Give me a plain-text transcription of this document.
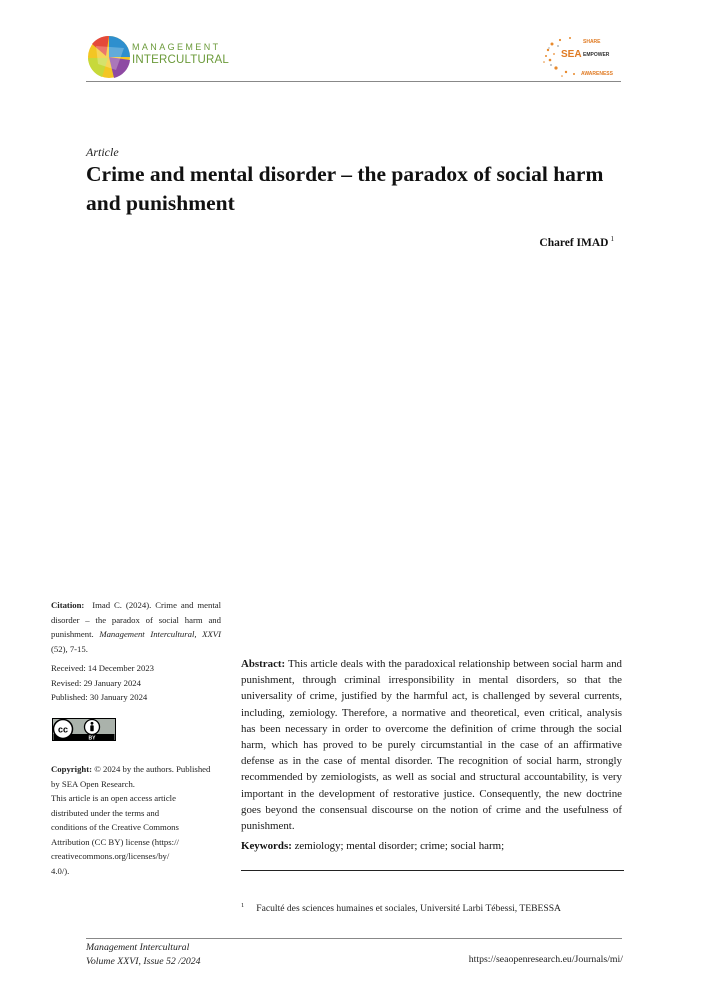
MANAGEMENT
INTERCULTURAL	SEA
SHARE
EMPOWER
AWARENESS
Article
Crime and mental disorder – the paradox of social harm and punishment
Charef IMAD $^1$
Citation: Imad C. (2024). Crime and mental disorder – the paradox of social harm and punishment. Management Intercultural, XXVI (52), 7-15.
Received: 14 December 2023
Revised: 29 January 2024
Published: 30 January 2024
cc
BY
Copyright: © 2024 by the authors. Published by SEA Open Research.
This article is an open access article
distributed under the terms and
conditions of the Creative Commons
Attribution (CC BY) license (https://
creativecommons.org/licenses/by/
4.0/).

Abstract: This article deals with the paradoxical relationship between social harm and punishment, through criminal irresponsibility in mental disorders, so that the universality of crime, justified by the harmful act, is challenged by several currents, including, zemiology. Therefore, a normative and theoretical, even critical, analysis has been necessary in order to overcome the definition of crime through the social harm, which has proved to be purely circumstantial in the case of an affirmative defense as in the case of mental disorder. The recognition of social harm, strongly recommended by zemiologists, as well as social and structural accountability, is very important in the development of restorative justice. Consequently, the new doctrine goes beyond the consensual discourse on the notion of crime and the usefulness of punishment.

Keywords: zemiology; mental disorder; crime; social harm;
$^1$ Faculté des sciences humaines et sociales, Université Larbi Tébessi, TEBESSA
Management Intercultural
Volume XXVI, Issue 52 /2024	https://seaopenresearch.eu/Journals/mi/
